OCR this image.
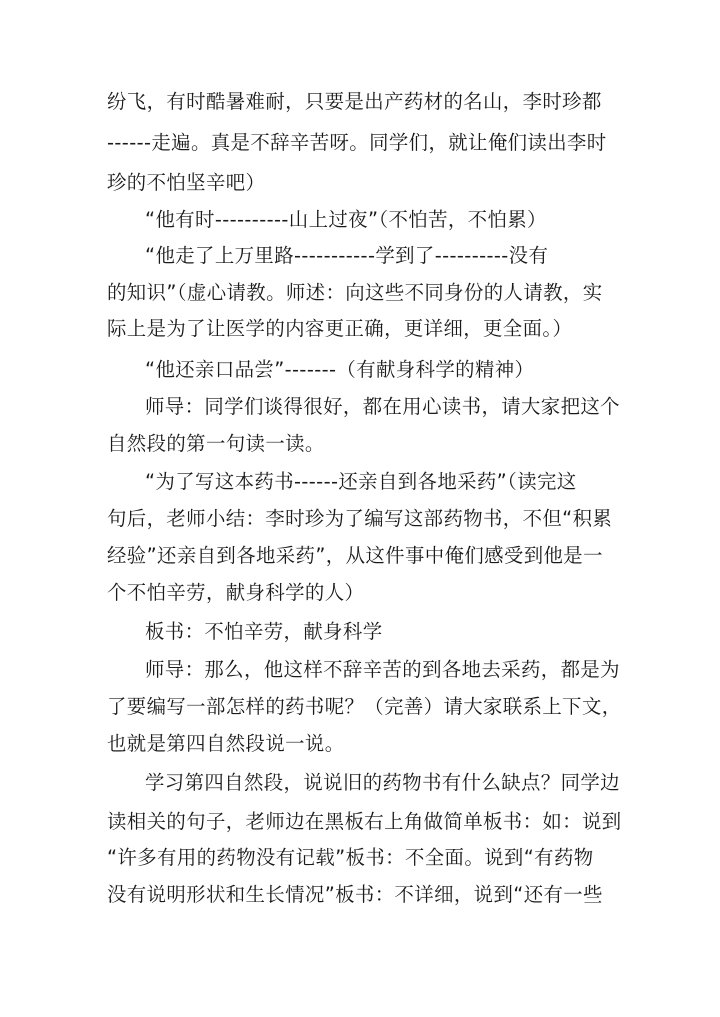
纷飞，有时酷暑难耐，只要是出产药材的名山，李时珍都
------走遍。真是不辞辛苦呀。同学们，就让俺们读出李时
珍的不怕坚辛吧）
“他有时----------山上过夜”（不怕苦，不怕累）
“他走了上万里路-----------学到了----------没有
的知识”（虚心请教。师述：向这些不同身份的人请教，实
际上是为了让医学的内容更正确，更详细，更全面。）
“他还亲口品尝”-------（有献身科学的精神）
师导：同学们谈得很好，都在用心读书，请大家把这个
自然段的第一句读一读。
“为了写这本药书------还亲自到各地采药”（读完这
句后，老师小结：李时珍为了编写这部药物书，不但“积累
经验”还亲自到各地采药”，从这件事中俺们感受到他是一
个不怕辛劳，献身科学的人）
板书：不怕辛劳，献身科学
师导：那么，他这样不辞辛苦的到各地去采药，都是为
了要编写一部怎样的药书呢？（完善）请大家联系上下文，
也就是第四自然段说一说。
学习第四自然段，说说旧的药物书有什么缺点？同学边
读相关的句子，老师边在黑板右上角做简单板书：如：说到
“许多有用的药物没有记载”板书：不全面。说到“有药物
没有说明形状和生长情况”板书：不详细，说到“还有一些
